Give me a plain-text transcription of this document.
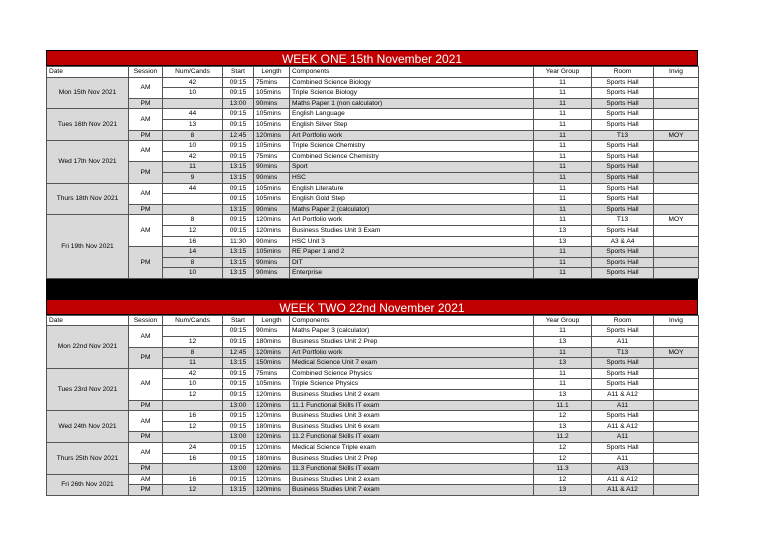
WEEK ONE 15th November 2021
Date	Session	Num/Cands	Start	Length	Components	Year Group	Room	Invig
Mon 15th Nov 2021	AM	42	09:15	75mins	Combined Science Biology	11	Sports Hall	
		10	09:15	105mins	Triple Science Biology	11	Sports Hall	
	PM		13:00	90mins	Maths Paper 1 (non calculator)	11	Sports Hall	
Tues 16th Nov 2021	AM	44	09:15	105mins	English Language	11	Sports Hall	
		13	09:15	105mins	English Silver Step	11	Sports Hall	
	PM	8	12:45	120mins	Art Portfolio work	11	T13	MOY
Wed 17th Nov 2021	AM	10	09:15	105mins	Triple Science Chemistry	11	Sports Hall	
		42	09:15	75mins	Combined Science Chemistry	11	Sports Hall	
	PM	11	13:15	90mins	Sport	11	Sports Hall	
		9	13:15	90mins	HSC	11	Sports Hall	
Thurs 18th Nov 2021	AM	44	09:15	105mins	English Literature	11	Sports Hall	
			09:15	105mins	English Gold Step	11	Sports Hall	
	PM		13:15	90mins	Maths Paper 2 (calculator)	11	Sports Hall	
Fri 19th Nov 2021	AM	8	09:15	120mins	Art Portfolio work	11	T13	MOY
		12	09:15	120mins	Business Studies Unit 3 Exam	13	Sports Hall	
		16	11:30	90mins	HSC Unit 3	13	A3 & A4	
	PM	14	13:15	105mins	RE Paper 1 and 2	11	Sports Hall	
		8	13:15	90mins	DIT	11	Sports Hall	
		10	13:15	90mins	Enterprise	11	Sports Hall	
WEEK TWO 22nd November 2021
Date	Session	Num/Cands	Start	Length	Components	Year Group	Room	Invig
Mon 22nd Nov 2021	AM		09:15	90mins	Maths Paper 3 (calculator)	11	Sports Hall	
		12	09:15	180mins	Business Studies Unit 2 Prep	13	A11	
	PM	8	12:45	120mins	Art Portfolio work	11	T13	MOY
		11	13:15	150mins	Medical Science Unit 7 exam	13	Sports Hall	
Tues 23rd Nov 2021	AM	42	09:15	75mins	Combined Science Physics	11	Sports Hall	
		10	09:15	105mins	Triple Science Physics	11	Sports Hall	
		12	09:15	120mins	Business Studies Unit 2 exam	13	A11 & A12	
	PM		13:00	120mins	11.1 Functional Skills IT exam	11.1	A11	
Wed 24th Nov 2021	AM	16	09:15	120mins	Business Studies Unit 3 exam	12	Sports Hall	
		12	09:15	180mins	Business Studies Unit 6 exam	13	A11 & A12	
	PM		13:00	120mins	11.2 Functional Skills IT exam	11.2	A11	
Thurs 25th Nov 2021	AM	24	09:15	120mins	Medical Science Triple exam	12	Sports Hall	
		16	09:15	180mins	Business Studies Unit 2 Prep	12	A11	
	PM		13:00	120mins	11.3 Functional Skills IT exam	11.3	A13	
Fri 26th Nov 2021	AM	16	09:15	120mins	Business Studies Unit 2 exam	12	A11 & A12	
	PM	12	13:15	120mins	Business Studies Unit 7 exam	13	A11 & A12	
